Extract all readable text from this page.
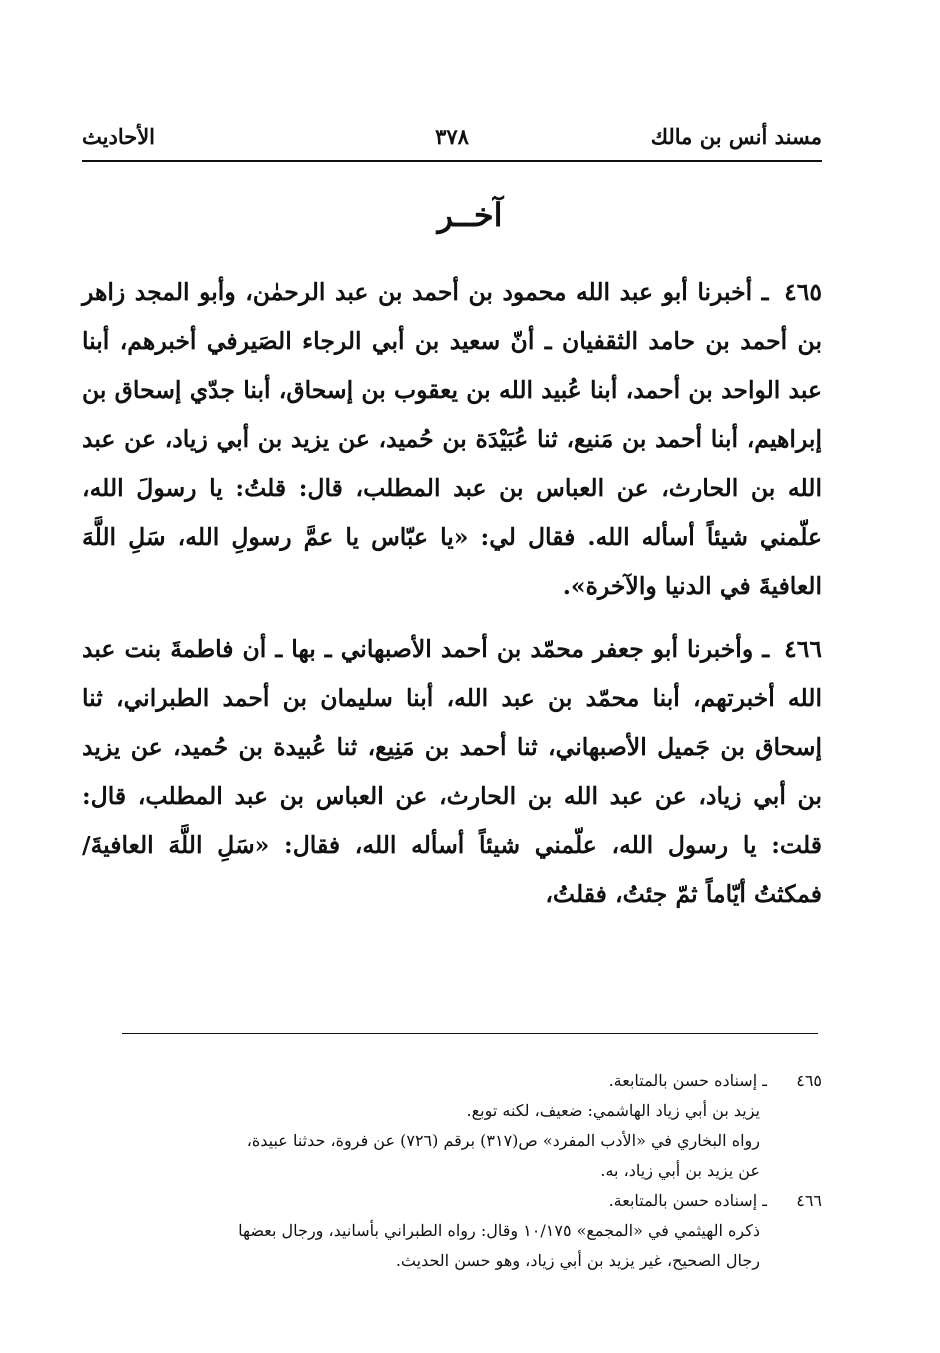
مسند أنس بن مالك
٣٧٨
الأحاديث
آخــر

٤٦٥ ـ أخبرنا أبو عبد الله محمود بن أحمد بن عبد الرحمٰن، وأبو المجد زاهر بن أحمد بن حامد الثقفيان ـ أنّ سعيد بن أبي الرجاء الصَيرفي أخبرهم، أبنا عبد الواحد بن أحمد، أبنا عُبيد الله بن يعقوب بن إسحاق، أبنا جدّي إسحاق بن إبراهيم، أبنا أحمد بن مَنيع، ثنا عُبَيْدَة بن حُميد، عن يزيد بن أبي زياد، عن عبد الله بن الحارث، عن العباس بن عبد المطلب، قال: قلتُ: يا رسولَ الله، علّمني شيئاً أسأله الله. فقال لي: «يا عبّاس يا عمَّ رسولِ الله، سَلِ اللَّهَ العافيةَ في الدنيا والآخرة».

٤٦٦ ـ وأخبرنا أبو جعفر محمّد بن أحمد الأصبهاني ـ بها ـ أن فاطمةَ بنت عبد الله أخبرتهم، أبنا محمّد بن عبد الله، أبنا سليمان بن أحمد الطبراني، ثنا إسحاق بن جَميل الأصبهاني، ثنا أحمد بن مَنِيع، ثنا عُبيدة بن حُميد، عن يزيد بن أبي زياد، عن عبد الله بن الحارث، عن العباس بن عبد المطلب، قال: قلت: يا رسول الله، علّمني شيئاً أسأله الله، فقال: «سَلِ اللَّهَ العافيةَ/ فمكثتُ أيّاماً ثمّ جئتُ، فقلتُ،

٤٦٥ ـ إسناده حسن بالمتابعة.
يزيد بن أبي زياد الهاشمي: ضعيف، لكنه توبع.
رواه البخاري في «الأدب المفرد» ص(٣١٧) برقم (٧٢٦) عن فروة، حدثنا عبيدة،
عن يزيد بن أبي زياد، به.
٤٦٦ ـ إسناده حسن بالمتابعة.
ذكره الهيثمي في «المجمع» ١٠/١٧٥ وقال: رواه الطبراني بأسانيد، ورجال بعضها
رجال الصحيح، غير يزيد بن أبي زياد، وهو حسن الحديث.
